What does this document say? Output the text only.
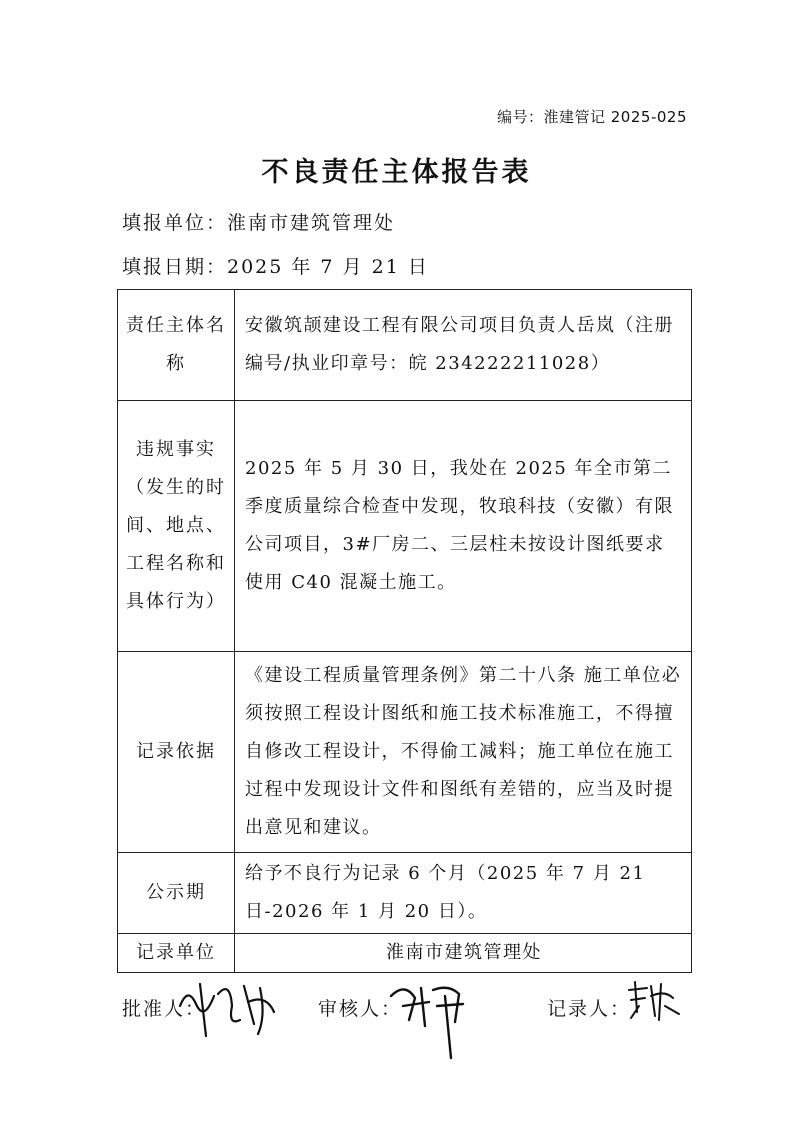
编号：淮建管记 2025-025
不良责任主体报告表
填报单位：淮南市建筑管理处
填报日期：2025 年 7 月 21 日
责任主体名称	安徽筑颉建设工程有限公司项目负责人岳岚（注册编号/执业印章号：皖 234222211028）
违规事实（发生的时间、地点、工程名称和具体行为）	2025 年 5 月 30 日，我处在 2025 年全市第二季度质量综合检查中发现，牧琅科技（安徽）有限公司项目，3#厂房二、三层柱未按设计图纸要求使用 C40 混凝土施工。
记录依据	《建设工程质量管理条例》第二十八条 施工单位必须按照工程设计图纸和施工技术标准施工，不得擅自修改工程设计，不得偷工减料；施工单位在施工过程中发现设计文件和图纸有差错的，应当及时提出意见和建议。
公示期	给予不良行为记录 6 个月（2025 年 7 月 21 日-2026 年 1 月 20 日）。
记录单位	淮南市建筑管理处
批准人：	审核人：	记录人：
